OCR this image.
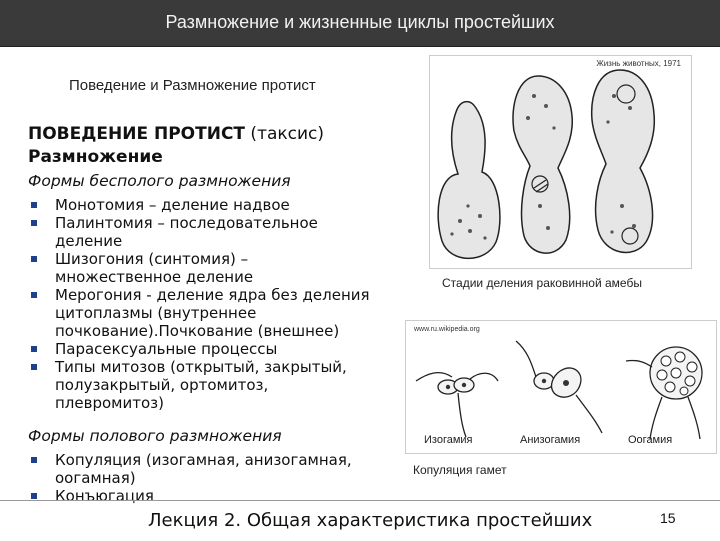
Размножение и жизненные циклы простейших
Поведение и Размножение протист
ПОВЕДЕНИЕ ПРОТИСТ (таксис)
Размножение
Формы бесполого размножения
Монотомия – деление надвое
Палинтомия – последовательное деление
Шизогония (синтомия) – множественное деление
Мерогония - деление ядра без деления цитоплазмы (внутреннее почкование).Почкование (внешнее)
Парасексуальные процессы
Типы митозов (открытый, закрытый, полузакрытый, ортомитоз, плевромитоз)
Формы полового размножения
Копуляция (изогамная, анизогамная, оогамная)
Конъюгация
Жизнь животных, 1971
Стадии деления раковинной амебы
www.ru.wikipedia.org
Изогамия	Анизогамия	Оогамия
Копуляция гамет
Лекция 2. Общая характеристика простейших	15
